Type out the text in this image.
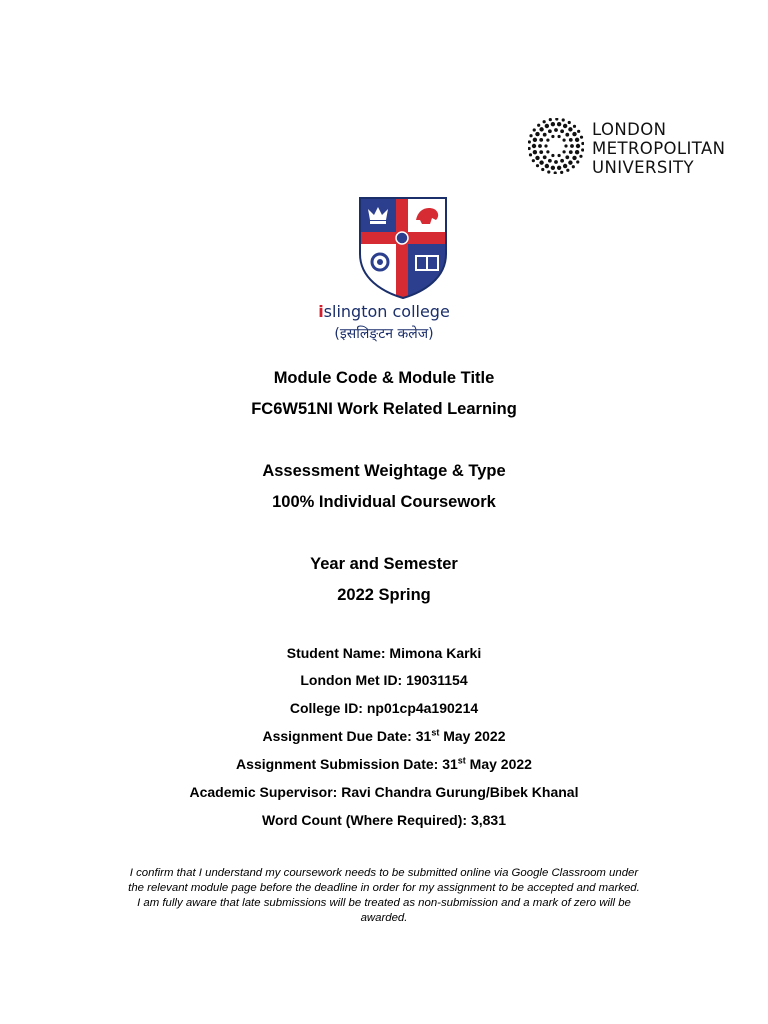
LONDON
METROPOLITAN
UNIVERSITY
islington college
(इसलिङ्टन कलेज)
Module Code & Module Title
FC6W51NI Work Related Learning
Assessment Weightage & Type
100% Individual Coursework
Year and Semester
2022 Spring
Student Name: Mimona Karki
London Met ID: 19031154
College ID: np01cp4a190214
Assignment Due Date: 31st May 2022
Assignment Submission Date: 31st May 2022
Academic Supervisor: Ravi Chandra Gurung/Bibek Khanal
Word Count (Where Required): 3,831
I confirm that I understand my coursework needs to be submitted online via Google Classroom under
the relevant module page before the deadline in order for my assignment to be accepted and marked.
I am fully aware that late submissions will be treated as non-submission and a mark of zero will be
awarded.
